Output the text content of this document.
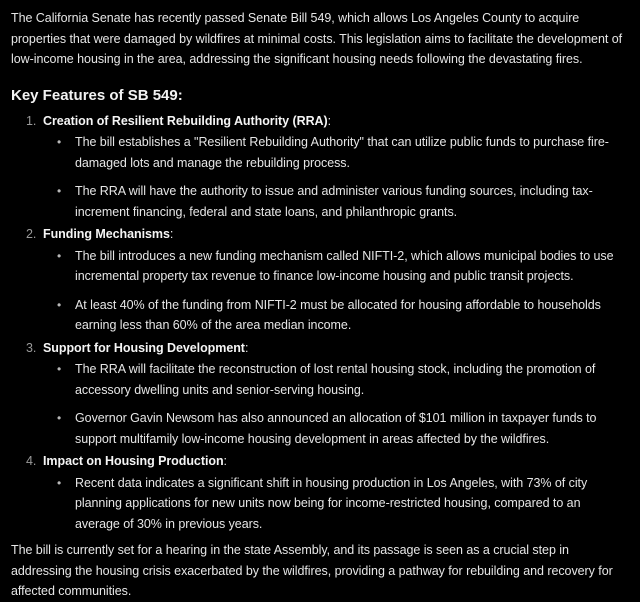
The California Senate has recently passed Senate Bill 549, which allows Los Angeles County to acquire properties that were damaged by wildfires at minimal costs. This legislation aims to facilitate the development of low-income housing in the area, addressing the significant housing needs following the devastating fires.

Key Features of SB 549:
1. Creation of Resilient Rebuilding Authority (RRA):
• The bill establishes a "Resilient Rebuilding Authority" that can utilize public funds to purchase fire-damaged lots and manage the rebuilding process.
• The RRA will have the authority to issue and administer various funding sources, including tax-increment financing, federal and state loans, and philanthropic grants.
2. Funding Mechanisms:
• The bill introduces a new funding mechanism called NIFTI-2, which allows municipal bodies to use incremental property tax revenue to finance low-income housing and public transit projects.
• At least 40% of the funding from NIFTI-2 must be allocated for housing affordable to households earning less than 60% of the area median income.
3. Support for Housing Development:
• The RRA will facilitate the reconstruction of lost rental housing stock, including the promotion of accessory dwelling units and senior-serving housing.
• Governor Gavin Newsom has also announced an allocation of $101 million in taxpayer funds to support multifamily low-income housing development in areas affected by the wildfires.
4. Impact on Housing Production:
• Recent data indicates a significant shift in housing production in Los Angeles, with 73% of city planning applications for new units now being for income-restricted housing, compared to an average of 30% in previous years.

The bill is currently set for a hearing in the state Assembly, and its passage is seen as a crucial step in addressing the housing crisis exacerbated by the wildfires, providing a pathway for rebuilding and recovery for affected communities.
